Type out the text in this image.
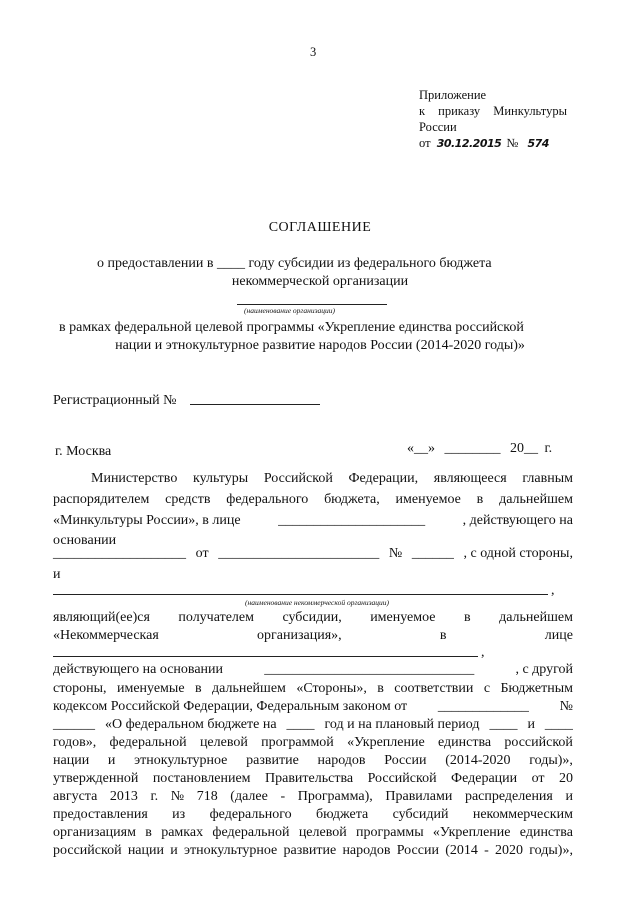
3
Приложение
к приказу Минкультуры
России
от 30.12.2015 № 574
СОГЛАШЕНИЕ
о предоставлении в ____ году субсидии из федерального бюджета
некоммерческой организации
(наименование организации)
в рамках федеральной целевой программы «Укрепление единства российской
нации и этнокультурное развитие народов России (2014-2020 годы)»
Регистрационный №
г. Москва	«__» ________ 20__ г.
Министерство культуры Российской Федерации, являющееся главным
распорядителем средств федерального бюджета, именуемое в дальнейшем
«Минкультуры России», в лице	_____________________	, действующего на
основании
___________________ от _______________________ № ______ , с одной стороны,
и
,
(наименование некоммерческой организации)
являющий(ее)ся получателем субсидии, именуемое в дальнейшем
«Некоммерческая	организация»,	в	лице
,
действующего на основании	______________________________	, с другой
стороны, именуемые в дальнейшем «Стороны», в соответствии с Бюджетным
кодексом Российской Федерации, Федеральным законом от _____________ №
______ «О федеральном бюджете на ____ год и на плановый период ____ и ____
годов», федеральной целевой программой «Укрепление единства российской
нации и этнокультурное развитие народов России (2014-2020 годы)»,
утвержденной постановлением Правительства Российской Федерации от 20
августа 2013 г. № 718 (далее - Программа), Правилами распределения и
предоставления из федерального бюджета субсидий некоммерческим
организациям в рамках федеральной целевой программы «Укрепление единства
российской нации и этнокультурное развитие народов России (2014 - 2020 годы)»,
